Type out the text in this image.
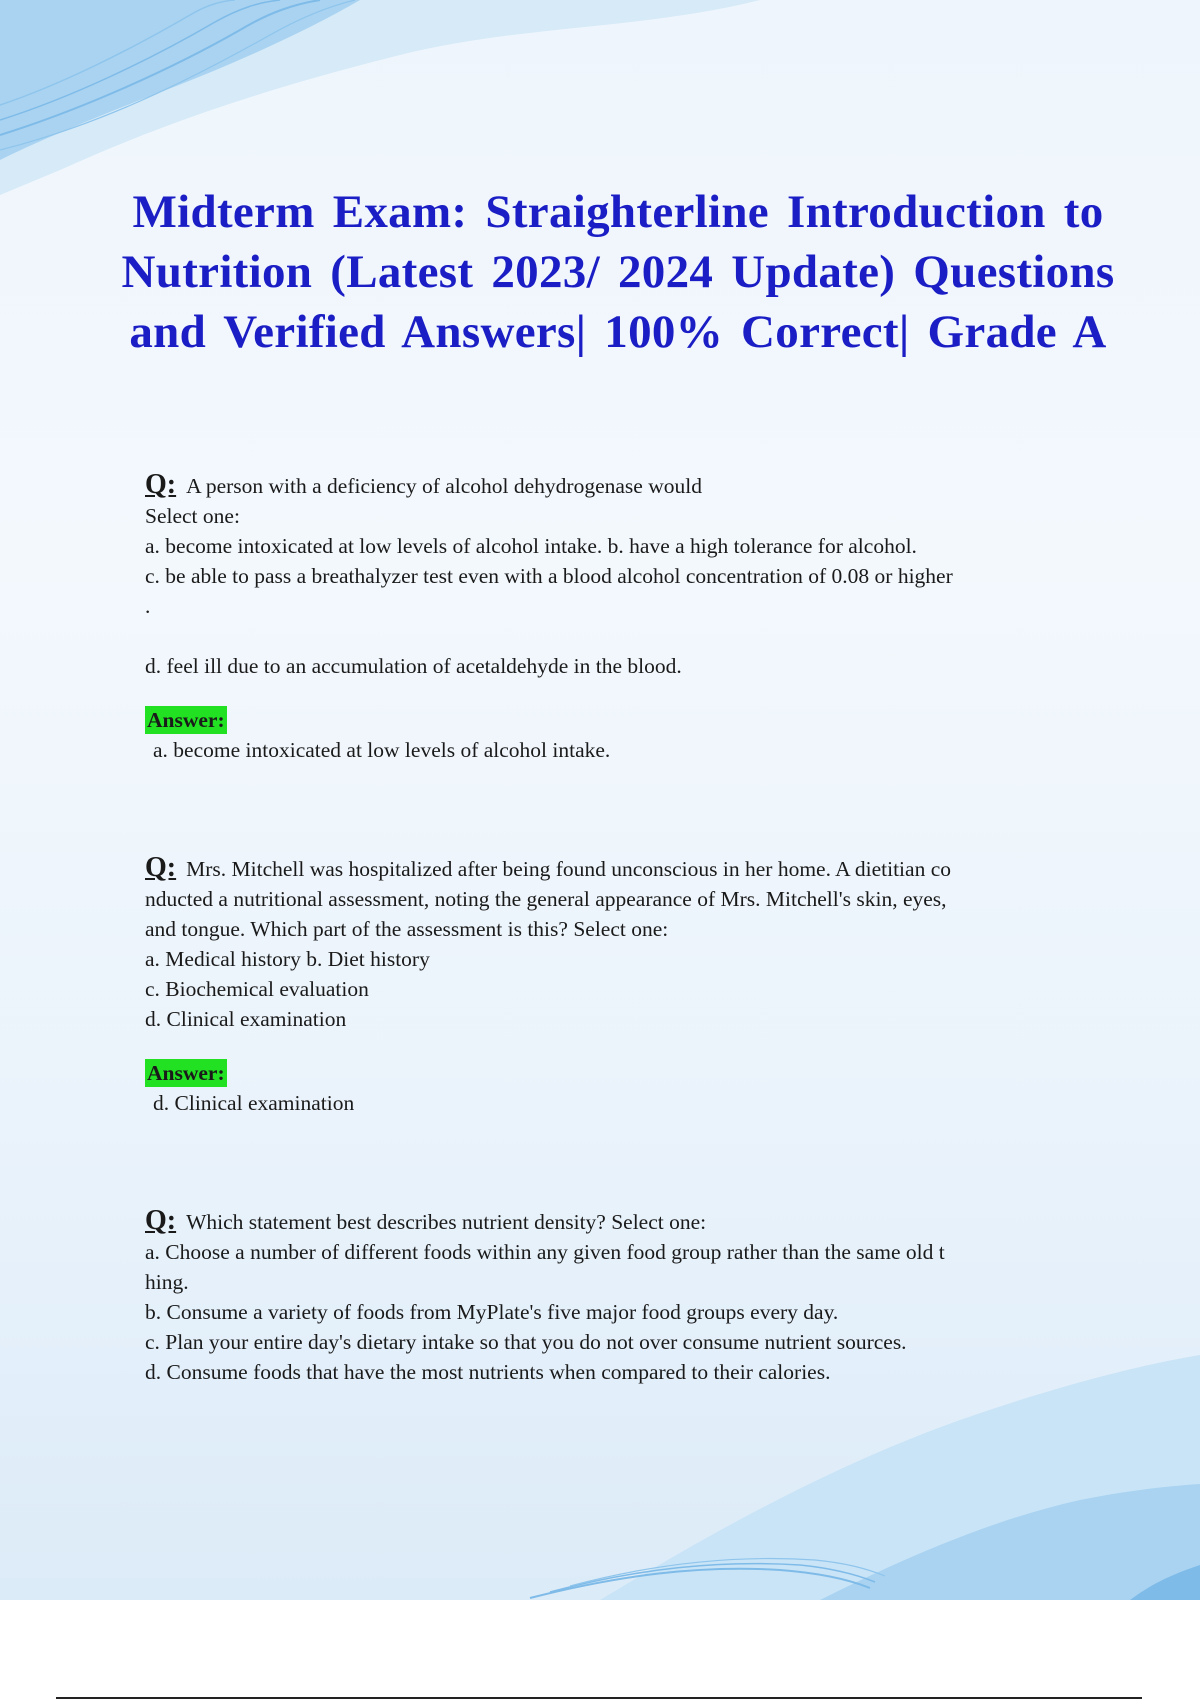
Midterm Exam: Straighterline Introduction to Nutrition (Latest 2023/ 2024 Update) Questions and Verified Answers| 100% Correct| Grade A

Q: A person with a deficiency of alcohol dehydrogenase would

Select one:

a. become intoxicated at low levels of alcohol intake. b. have a high tolerance for alcohol.

c. be able to pass a breathalyzer test even with a blood alcohol concentration of 0.08 or higher

.

d. feel ill due to an accumulation of acetaldehyde in the blood.

Answer:

a. become intoxicated at low levels of alcohol intake.

Q: Mrs. Mitchell was hospitalized after being found unconscious in her home. A dietitian co

nducted a nutritional assessment, noting the general appearance of Mrs. Mitchell's skin, eyes,

and tongue. Which part of the assessment is this? Select one:

a. Medical history b. Diet history

c. Biochemical evaluation

d. Clinical examination

Answer:

d. Clinical examination

Q: Which statement best describes nutrient density? Select one:

a. Choose a number of different foods within any given food group rather than the same old t

hing.

b. Consume a variety of foods from MyPlate's five major food groups every day.

c. Plan your entire day's dietary intake so that you do not over consume nutrient sources.

d. Consume foods that have the most nutrients when compared to their calories.
